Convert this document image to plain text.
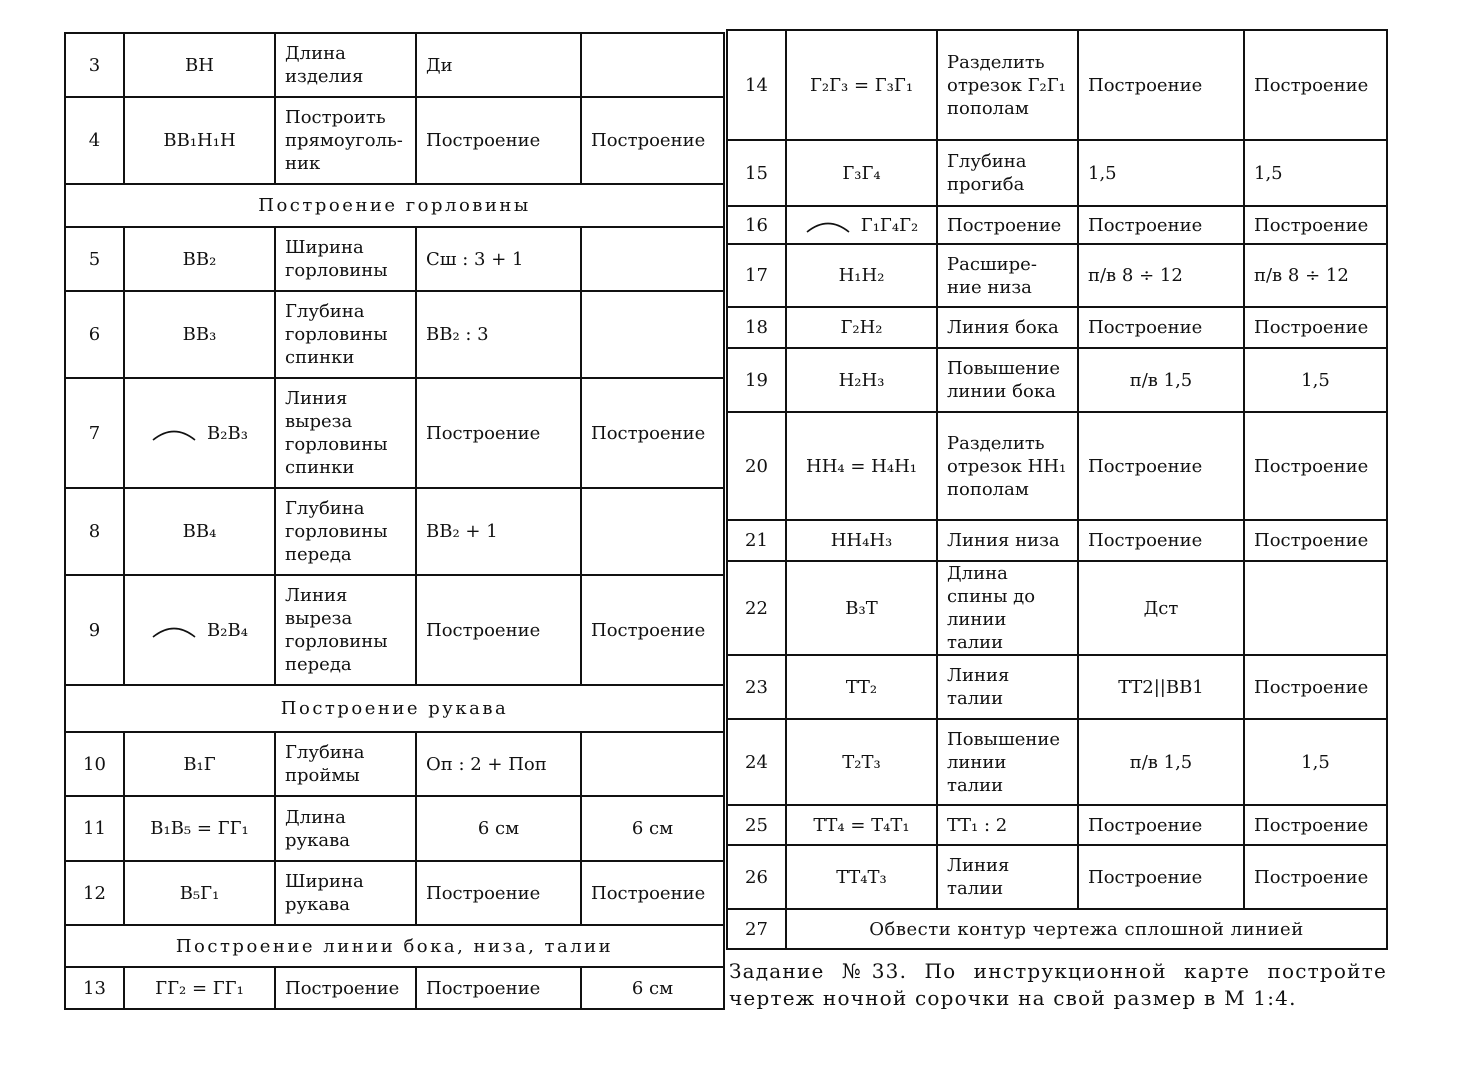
3	ВН	Длина изделия	Ди	
4	ВВ₁Н₁Н	Построить прямоуголь-ник	Построение	Построение
Построение горловины				
5	ВВ₂	Ширина горловины	Сш : 3 + 1	
6	ВВ₃	Глубина горловины спинки	ВВ₂ : 3	
7	В₂В₃	Линия выреза горловины спинки	Построение	Построение
8	ВВ₄	Глубина горловины переда	ВВ₂ + 1	
9	В₂В₄	Линия выреза горловины переда	Построение	Построение
Построение рукава				
10	В₁Г	Глубина проймы	Оп : 2 + Поп	
11	В₁В₅ = ГГ₁	Длина рукава	6 см	6 см
12	В₅Г₁	Ширина рукава	Построение	Построение
Построение линии бока, низа, талии				
13	ГГ₂ = ГГ₁	Построение	Построение	6 см
14	Г₂Г₃ = Г₃Г₁	Разделить отрезок Г₂Г₁ пополам	Построение	Построение
15	Г₃Г₄	Глубина прогиба	1,5	1,5
16	Г₁Г₄Г₂	Построение	Построение	Построение
17	Н₁Н₂	Расшире-ние низа	п/в 8 ÷ 12	п/в 8 ÷ 12
18	Г₂Н₂	Линия бока	Построение	Построение
19	Н₂Н₃	Повышение линии бока	п/в 1,5	1,5
20	НН₄ = Н₄Н₁	Разделить отрезок НН₁ пополам	Построение	Построение
21	НН₄Н₃	Линия низа	Построение	Построение
22	В₃Т	Длина спины до линии талии	Дст	
23	ТТ₂	Линия талии	ТТ2||ВВ1	Построение
24	Т₂Т₃	Повышение линии талии	п/в 1,5	1,5
25	ТТ₄ = Т₄Т₁	ТТ₁ : 2	Построение	Построение
26	ТТ₄Т₃	Линия талии	Построение	Построение
27	Обвести контур чертежа сплошной линией			
Задание №33. По инструкционной карте постройте чертеж ночной сорочки на свой размер в М 1:4.
